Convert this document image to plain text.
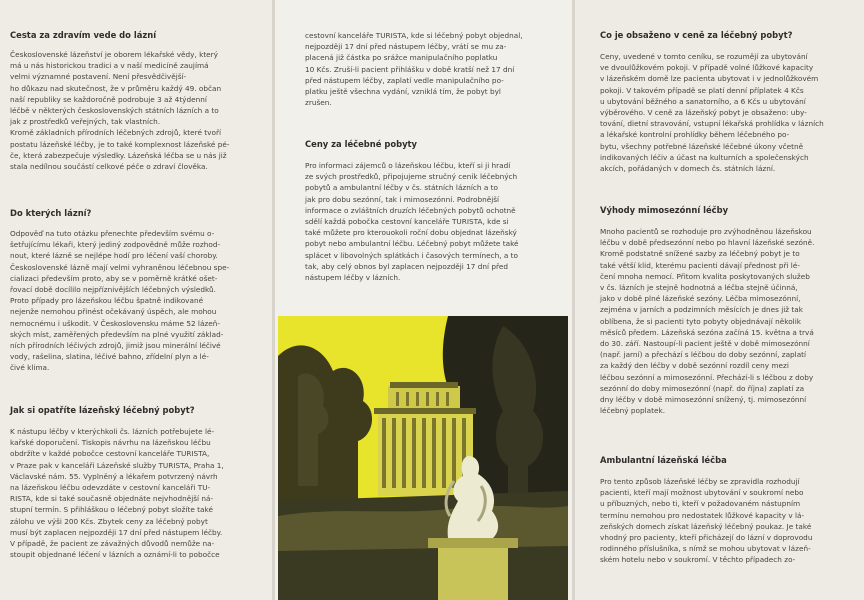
Cesta za zdravím vede do lázní

Československé lázeňství je oborem lékařské vědy, který
má u nás historickou tradici a v naší medicíně zaujímá
velmi významné postavení. Není přesvědčivější-
ho důkazu nad skutečnost, že v průměru každý 49. občan
naší republiky se každoročně podrobuje 3 až 4týdenní
léčbě v některých československých státních lázních a to
jak z prostředků veřejných, tak vlastních.
Kromě základních přírodních léčebných zdrojů, které tvoří
postatu lázeňské léčby, je to také komplexnost lázeňské pé-
če, která zabezpečuje výsledky. Lázeňská léčba se u nás již
stala nedílnou součástí celkové péče o zdraví člověka.

Do kterých lázní?

Odpověď na tuto otázku přenechte především svému o-
šetřujícímu lékaři, který jediný zodpovědně může rozhod-
nout, které lázně se nejlépe hodí pro léčení vaší choroby.
Československé lázně mají velmi vyhraněnou léčebnou spe-
cializaci především proto, aby se v poměrně krátké ošet-
řovací době docílilo nejpříznivějších léčebných výsledků.
Proto případy pro lázeňskou léčbu špatně indikované
nejenže nemohou přinést očekávaný úspěch, ale mohou
nemocnému i uškodit. V Československu máme 52 lázeň-
ských míst, zaměřených především na plné využití základ-
ních přírodních léčivých zdrojů, jimiž jsou minerální léčivé
vody, rašelina, slatina, léčivé bahno, zřídelní plyn a lé-
čivé klima.

Jak si opatříte lázeňský léčebný pobyt?

K nástupu léčby v kterýchkoli čs. lázních potřebujete lé-
kařské doporučení. Tiskopis návrhu na lázeňskou léčbu
obdržíte v každé pobočce cestovní kanceláře TURISTA,
v Praze pak v kanceláři Lázeňské služby TURISTA, Praha 1,
Václavské nám. 55. Vyplněný a lékařem potvrzený návrh
na lázeňskou léčbu odevzdáte v cestovní kanceláři TU-
RISTA, kde si také současně objednáte nejvhodnější ná-
stupní termín. S přihláškou o léčebný pobyt složíte také
zálohu ve výši 200 Kčs. Zbytek ceny za léčebný pobyt
musí být zaplacen nejpozději 17 dní před nástupem léčby.
V případě, že pacient ze závažných důvodů nemůže na-
stoupit objednané léčení v lázních a oznámí-li to pobočce

cestovní kanceláře TURISTA, kde si léčebný pobyt objednal,
nejpozději 17 dní před nástupem léčby, vrátí se mu za-
placená již částka po srážce manipulačního poplatku
10 Kčs. Zruší-li pacient přihlášku v době kratší než 17 dní
před nástupem léčby, zaplatí vedle manipulačního po-
platku ještě všechna vydání, vzniklá tím, že pobyt byl
zrušen.

Ceny za léčebné pobyty

Pro informaci zájemců o lázeňskou léčbu, kteří si ji hradí
ze svých prostředků, připojujeme stručný ceník léčebných
pobytů a ambulantní léčby v čs. státních lázních a to
jak pro dobu sezónní, tak i mimosezónní. Podrobnější
informace o zvláštních druzích léčebných pobytů ochotně
sdělí každá pobočka cestovní kanceláře TURISTA, kde si
také můžete pro kterouokoli roční dobu objednat lázeňský
pobyt nebo ambulantní léčbu. Léčebný pobyt můžete také
splácet v libovolných splátkách i časových termínech, a to
tak, aby celý obnos byl zaplacen nejpozději 17 dní před
nástupem léčby v lázních.

Co je obsaženo v ceně za léčebný pobyt?

Ceny, uvedené v tomto ceníku, se rozumějí za ubytování
ve dvoulůžkovém pokoji. V případě volné lůžkové kapacity
v lázeňském domě lze pacienta ubytovat i v jednolůžkovém
pokoji. V takovém případě se platí denní příplatek 4 Kčs
u ubytování běžného a sanatorního, a 6 Kčs u ubytování
výběrového. V ceně za lázeňský pobyt je obsaženo: uby-
tování, dietní stravování, vstupní lékařská prohlídka v lázních
a lékařské kontrolní prohlídky během léčebného po-
bytu, všechny potřebné lázeňské léčebné úkony včetně
indikovaných léčiv a účast na kulturních a společenských
akcích, pořádaných v domech čs. státních lázní.

Výhody mimosezónní léčby

Mnoho pacientů se rozhoduje pro zvýhodněnou lázeňskou
léčbu v době předsezónní nebo po hlavní lázeňské sezóně.
Kromě podstatně snížené sazby za léčebný pobyt je to
také větší klid, kterému pacienti dávají přednost při lé-
čení mnoha nemocí. Přitom kvalita poskytovaných služeb
v čs. lázních je stejně hodnotná a léčba stejně účinná,
jako v době plné lázeňské sezóny. Léčba mimosezónní,
zejména v jarních a podzimních měsících je dnes již tak
oblíbena, že si pacienti tyto pobyty objednávají několik
měsíců předem. Lázeňská sezóna začíná 15. května a trvá
do 30. září. Nastoupí-li pacient ještě v době mimosezónní
(např. jarní) a přechází s léčbou do doby sezónní, zaplatí
za každý den léčby v době sezónní rozdíl ceny mezi
léčbou sezónní a mimosezónní. Přechází-li s léčbou z doby
sezónní do doby mimosezónní (např. do října) zaplatí za
dny léčby v době mimosezónní snížený, tj. mimosezónní
léčebný poplatek.

Ambulantní lázeňská léčba

Pro tento způsob lázeňské léčby se zpravidla rozhodují
pacienti, kteří mají možnost ubytování v soukromí nebo
u příbuzných, nebo ti, kteří v požadovaném nástupním
termínu nemohou pro nedostatek lůžkové kapacity v lá-
zeňských domech získat lázeňský léčebný poukaz. Je také
vhodný pro pacienty, kteří přicházejí do lázní v doprovodu
rodinného příslušníka, s nímž se mohou ubytovat v lázeň-
ském hotelu nebo v soukromí. V těchto případech zo-
